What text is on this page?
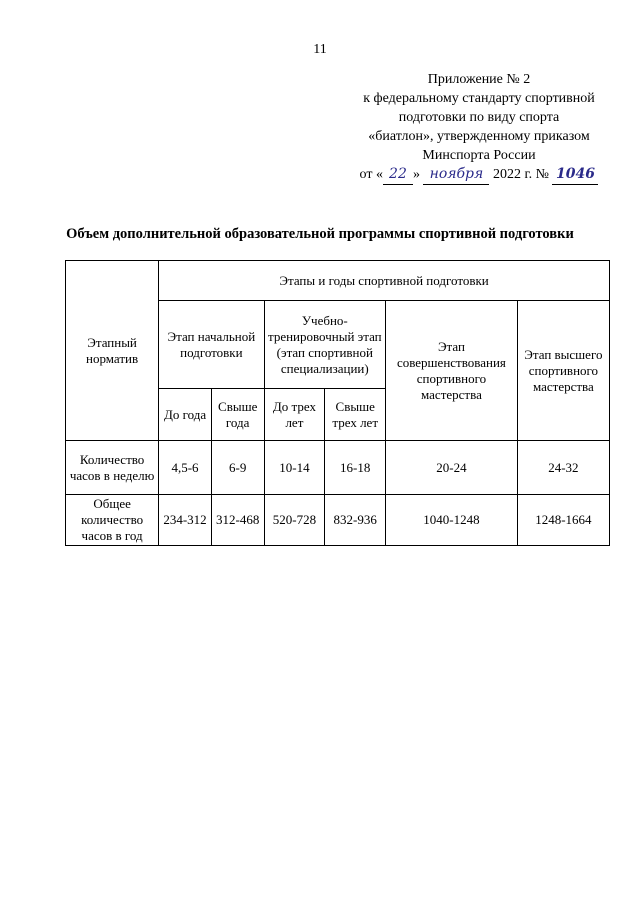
11
Приложение № 2
к федеральному стандарту спортивной
подготовки по виду спорта
«биатлон», утвержденному приказом
Минспорта России
от « 22 » ноября 2022 г. № 1046
Объем дополнительной образовательной программы спортивной подготовки
Этапный норматив	Этапы и годы спортивной подготовки					
	Этап начальной подготовки		Учебно-тренировочный этап (этап спортивной специализации)		Этап совершенствования спортивного мастерства	Этап высшего спортивного мастерства
	До года	Свыше года	До трех лет	Свыше трех лет		
Количество часов в неделю	4,5-6	6-9	10-14	16-18	20-24	24-32
Общее количество часов в год	234-312	312-468	520-728	832-936	1040-1248	1248-1664
